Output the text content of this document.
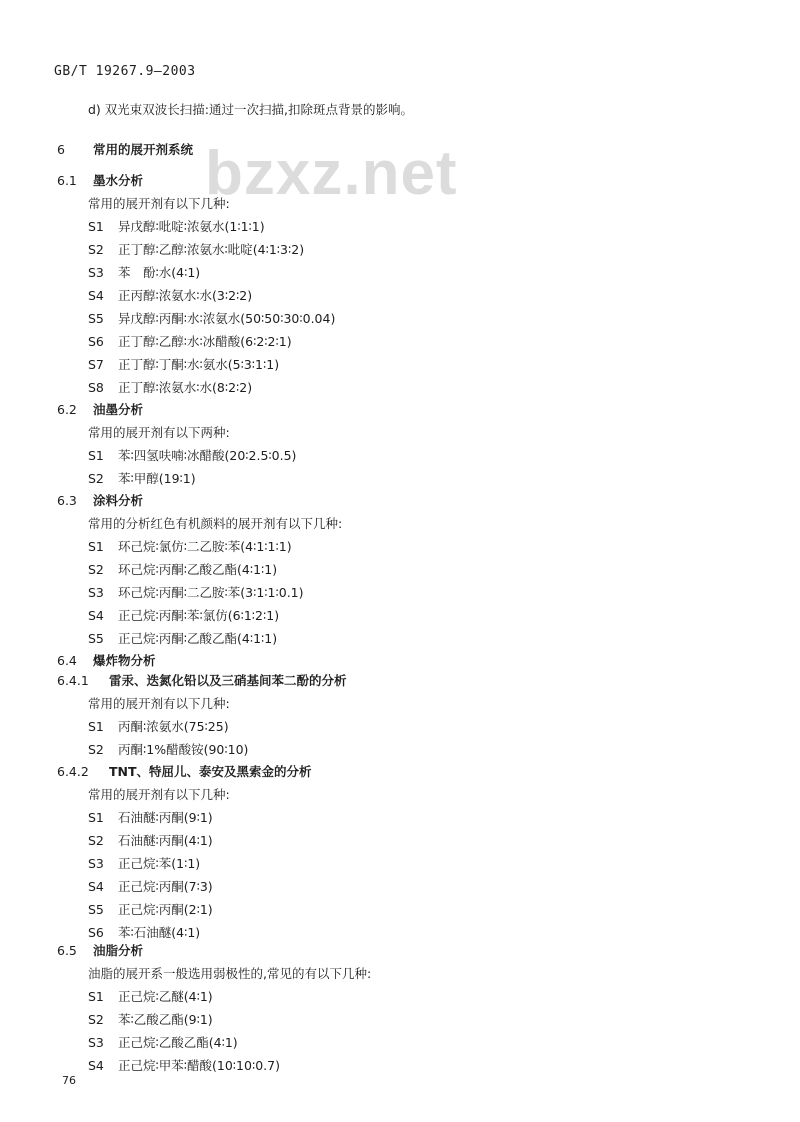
GB/T 19267.9—2003
bzxz.net
d) 双光束双波长扫描:通过一次扫描,扣除斑点背景的影响。
6 常用的展开剂系统
6.1 墨水分析
常用的展开剂有以下几种:
S1 异戊醇∶吡啶∶浓氨水(1∶1∶1)
S2 正丁醇∶乙醇∶浓氨水∶吡啶(4∶1∶3∶2)
S3 苯　酚∶水(4∶1)
S4 正丙醇∶浓氨水∶水(3∶2∶2)
S5 异戊醇∶丙酮∶水∶浓氨水(50∶50∶30∶0.04)
S6 正丁醇∶乙醇∶水∶冰醋酸(6∶2∶2∶1)
S7 正丁醇∶丁酮∶水∶氨水(5∶3∶1∶1)
S8 正丁醇∶浓氨水∶水(8∶2∶2)
6.2 油墨分析
常用的展开剂有以下两种:
S1 苯∶四氢呋喃∶冰醋酸(20∶2.5∶0.5)
S2 苯∶甲醇(19∶1)
6.3 涂料分析
常用的分析红色有机颜料的展开剂有以下几种:
S1 环己烷∶氯仿∶二乙胺∶苯(4∶1∶1∶1)
S2 环己烷∶丙酮∶乙酸乙酯(4∶1∶1)
S3 环己烷∶丙酮∶二乙胺∶苯(3∶1∶1∶0.1)
S4 正己烷∶丙酮∶苯∶氯仿(6∶1∶2∶1)
S5 正己烷∶丙酮∶乙酸乙酯(4∶1∶1)
6.4 爆炸物分析
6.4.1 雷汞、迭氮化铅以及三硝基间苯二酚的分析
常用的展开剂有以下几种:
S1 丙酮∶浓氨水(75∶25)
S2 丙酮∶1%醋酸铵(90∶10)
6.4.2 TNT、特屈儿、泰安及黑索金的分析
常用的展开剂有以下几种:
S1 石油醚∶丙酮(9∶1)
S2 石油醚∶丙酮(4∶1)
S3 正己烷∶苯(1∶1)
S4 正己烷∶丙酮(7∶3)
S5 正己烷∶丙酮(2∶1)
S6 苯∶石油醚(4∶1)
6.5 油脂分析
油脂的展开系一般选用弱极性的,常见的有以下几种:
S1 正己烷∶乙醚(4∶1)
S2 苯∶乙酸乙酯(9∶1)
S3 正己烷∶乙酸乙酯(4∶1)
S4 正己烷∶甲苯∶醋酸(10∶10∶0.7)
76
